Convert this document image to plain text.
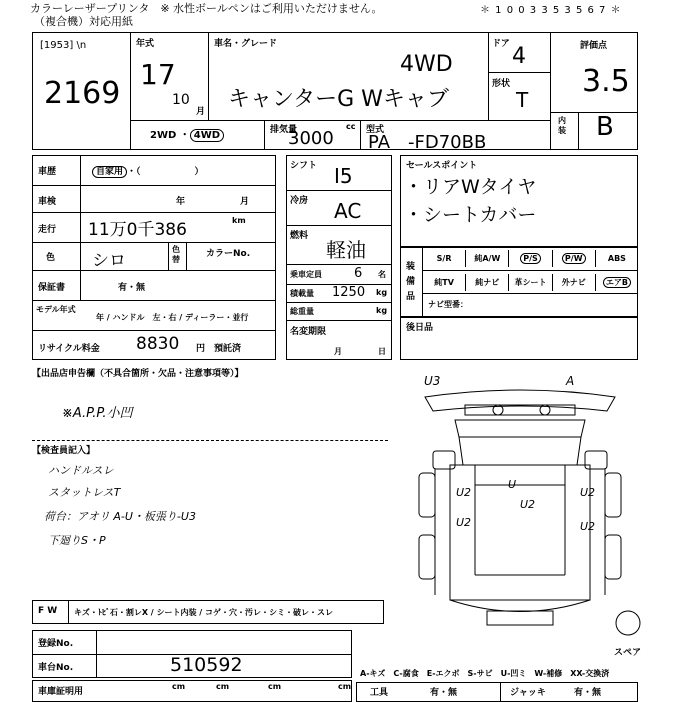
カラーレーザープリンタ　※ 水性ボールペンはご利用いただけません。
（複合機）対応用紙
＊ 1 0 0 3 3 5 3 5 6 7 ＊
[1953] \n
2169
年式
17
10
月
車名・グレード
4WD
キャンターG Wキャブ
ドア 4
形状
T
2WD ・ 4WD	排気量	cc
3000	型式
PA　-FD70BB
評価点
3.5
内装 B
車歴	自家用 ・（　　　　　　）
車検	年	月
走行 11万0千386	km
色 シロ
色替
カラーNo.
保証書	有・無
モデル年式
年 / ハンドル　左・右 / ディーラー・並行
リサイクル料金 8830 円　預託済
シフト I5
冷房 AC
燃料
軽油
乗車定員 6 名
積載量 1250 kg
総重量	kg
名変期限
月	日
セールスポイント
・リアWタイヤ
・シートカバー
装備品
S/R	純A/W	P/S	P/W	ABS
純TV	純ナビ	革シート	外ナビ	エアB
ナビ型番：
後日品
【出品店申告欄（不具合箇所・欠品・注意事項等）】
※A.P.P.小凹
【検査員記入】
ハンドルスレ
スタットレスT
荷台：アオリ A-U・板張り-U3
下廻りS・P
U3	A
U2
U2
U2
U2	U2
U
スペア
F W キズ・ﾄﾋﾞ石・割レX / シート内装 / コゲ・穴・汚レ・シミ・破レ・スレ
登録No.
車台No.	510592
車庫証明用
cm	cm	cm	cm
A-キズ　C-腐食　E-エクボ　S-サビ　U-凹ミ　W-補修　XX-交換済
工具	有・無	ジャッキ	有・無
